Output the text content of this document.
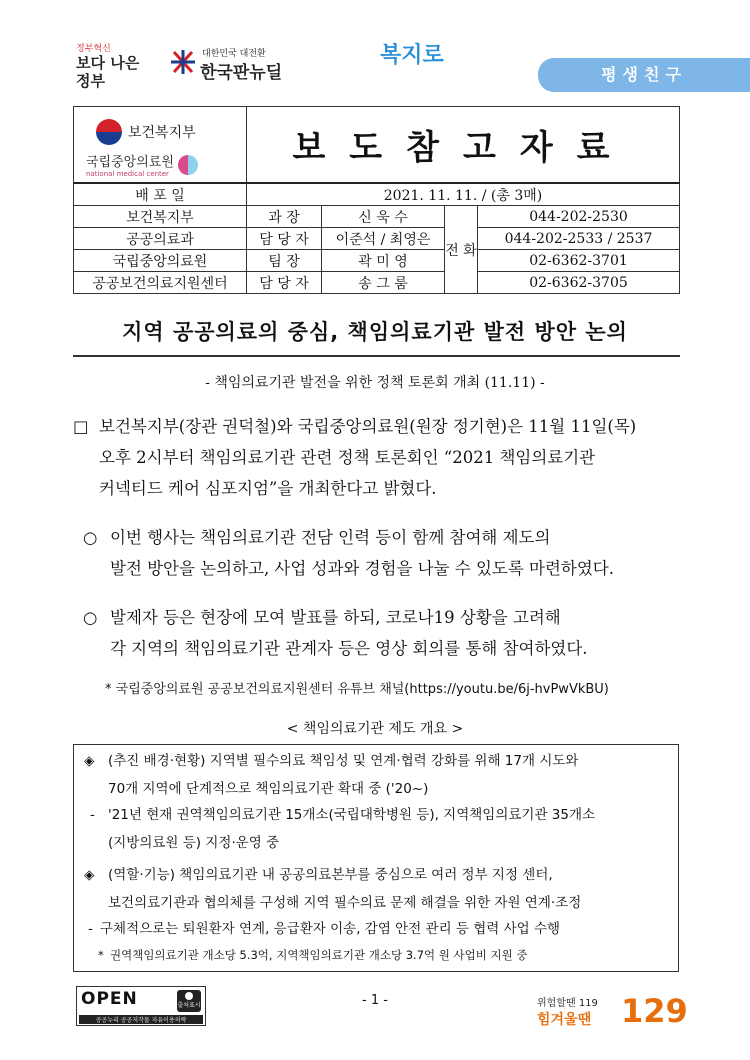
정부혁신
보다 나은 정부
대한민국 대전환
한국판뉴딜
복지로
평생친구
보건복지부
국립중앙의료원
national medical center	보도참고자료			
배 포 일	2021. 11. 11. / (총 3매)			
보건복지부	과 장	신 욱 수	전 화	044-202-2530
공공의료과	담 당 자	이준석 / 최영은		044-202-2533 / 2537
국립중앙의료원	팀 장	곽 미 영		02-6362-3701
공공보건의료지원센터	담 당 자	송 그 룸		02-6362-3705
지역 공공의료의 중심, 책임의료기관 발전 방안 논의
- 책임의료기관 발전을 위한 정책 토론회 개최 (11.11) -
□ 보건복지부(장관 권덕철)와 국립중앙의료원(원장 정기현)은 11월 11일(목)
오후 2시부터 책임의료기관 관련 정책 토론회인 “2021 책임의료기관
커넥티드 케어 심포지엄”을 개최한다고 밝혔다.
○ 이번 행사는 책임의료기관 전담 인력 등이 함께 참여해 제도의
발전 방안을 논의하고, 사업 성과와 경험을 나눌 수 있도록 마련하였다.
○ 발제자 등은 현장에 모여 발표를 하되, 코로나19 상황을 고려해
각 지역의 책임의료기관 관계자 등은 영상 회의를 통해 참여하였다.
* 국립중앙의료원 공공보건의료지원센터 유튜브 채널(https://youtu.be/6j-hvPwVkBU)
< 책임의료기관 제도 개요 >
◈ (추진 배경·현황) 지역별 필수의료 책임성 및 연계·협력 강화를 위해 17개 시도와
70개 지역에 단계적으로 책임의료기관 확대 중 ('20~)
- '21년 현재 권역책임의료기관 15개소(국립대학병원 등), 지역책임의료기관 35개소
(지방의료원 등) 지정·운영 중
◈ (역할·기능) 책임의료기관 내 공공의료본부를 중심으로 여러 정부 지정 센터,
보건의료기관과 협의체를 구성해 지역 필수의료 문제 해결을 위한 자원 연계·조정
- 구체적으로는 퇴원환자 연계, 응급환자 이송, 감염 안전 관리 등 협력 사업 수행
* 권역책임의료기관 개소당 5.3억, 지역책임의료기관 개소당 3.7억 원 사업비 지원 중
OPEN	출처표시
공공누리 공공저작물 자유이용허락
- 1 -	위험할땐 119
힘겨울땐 129
